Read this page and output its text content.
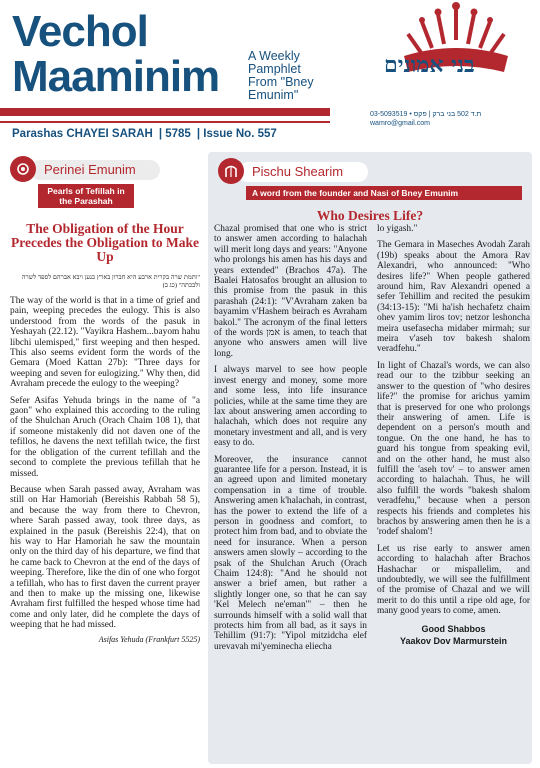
Vechol
Maaminim A Weekly Pamphlet From "Bney Emunim"
Parashas CHAYEI SARAH | 5785 | Issue No. 557
בני אמונים
03-5093519 • ת.ד 502 בני ברק | פקס
wamro@gmail.com
Perinei Emunim
Pearls of Tefillah in the Parashah
The Obligation of the Hour Precedes the Obligation to Make Up
"ותמת שרה בקרית ארבע היא חברון בארץ כנען ויבא אברהם לספד לשרה ולבכתה" (כג ב)

The way of the world is that in a time of grief and pain, weeping precedes the eulogy. This is also understood from the words of the pasuk in Yeshayah (22.12). "Vayikra Hashem...bayom hahu libchi ulemisped," first weeping and then hesped. This also seems evident form the words of the Gemara (Moed Kattan 27b): "Three days for weeping and seven for eulogizing." Why then, did Avraham precede the eulogy to the weeping?

Sefer Asifas Yehuda brings in the name of "a gaon" who explained this according to the ruling of the Shulchan Aruch (Orach Chaim 108 1), that if someone mistakenly did not daven one of the tefillos, he davens the next tefillah twice, the first for the obligation of the current tefillah and the second to complete the previous tefillah that he missed.

Because when Sarah passed away, Avraham was still on Har Hamoriah (Bereishis Rabbah 58 5), and because the way from there to Chevron, where Sarah passed away, took three days, as explained in the pasuk (Bereishis 22:4), that on his way to Har Hamoriah he saw the mountain only on the third day of his departure, we find that he came back to Chevron at the end of the days of weeping. Therefore, like the din of one who forgot a tefillah, who has to first daven the current prayer and then to make up the missing one, likewise Avraham first fulfilled the hesped whose time had come and only later, did he complete the days of weeping that he had missed.

Asifas Yehuda (Frankfurt 5525)
Pischu Shearim
A word from the founder and Nasi of Bney Emunim
Who Desires Life?

Chazal promised that one who is strict to answer amen according to halachah will merit long days and years: "Anyone who prolongs his amen has his days and years extended" (Brachos 47a). The Baalei Hatosafos brought an allusion to this promise from the pasuk in this parashah (24:1): "V'Avraham zaken ba bayamim v'Hashem beirach es Avraham bakol." The acronym of the final letters of the words אמן is amen, to teach that anyone who answers amen will live long.

I always marvel to see how people invest energy and money, some more and some less, into life insurance policies, while at the same time they are lax about answering amen according to halachah, which does not require any monetary investment and all, and is very easy to do.

Moreover, the insurance cannot guarantee life for a person. Instead, it is an agreed upon and limited monetary compensation in a time of trouble. Answering amen k'halachah, in contrast, has the power to extend the life of a person in goodness and comfort, to protect him from bad, and to obviate the need for insurance. When a person answers amen slowly – according to the psak of the Shulchan Aruch (Orach Chaim 124:8): "And he should not answer a brief amen, but rather a slightly longer one, so that he can say 'Kel Melech ne'eman'" – then he surrounds himself with a solid wall that protects him from all bad, as it says in Tehillim (91:7): "Yipol mitzidcha elef urevavah mi'yeminecha eliecha

lo yigash."

The Gemara in Maseches Avodah Zarah (19b) speaks about the Amora Rav Alexandri, who announced: "Who desires life?" When people gathered around him, Rav Alexandri opened a sefer Tehillim and recited the pesukim (34:13-15): "Mi ha'ish hechafetz chaim ohev yamim liros tov; netzor leshoncha meira usefasecha midaber mirmah; sur meira v'aseh tov bakesh shalom veradfehu."

In light of Chazal's words, we can also read our to the tzibbur seeking an answer to the question of "who desires life?" the promise for arichus yamim that is preserved for one who prolongs their answering of amen. Life is dependent on a person's mouth and tongue. On the one hand, he has to guard his tongue from speaking evil, and on the other hand, he must also fulfill the 'aseh tov' – to answer amen according to halachah. Thus, he will also fulfill the words "bakesh shalom veradfehu," because when a person respects his friends and completes his brachos by answering amen then he is a 'rodef shalom'!

Let us rise early to answer amen according to halachah after Brachos Hashachar or mispallelim, and undoubtedly, we will see the fulfillment of the promise of Chazal and we will merit to do this until a ripe old age, for many good years to come, amen.

Good Shabbos
Yaakov Dov Marmurstein
